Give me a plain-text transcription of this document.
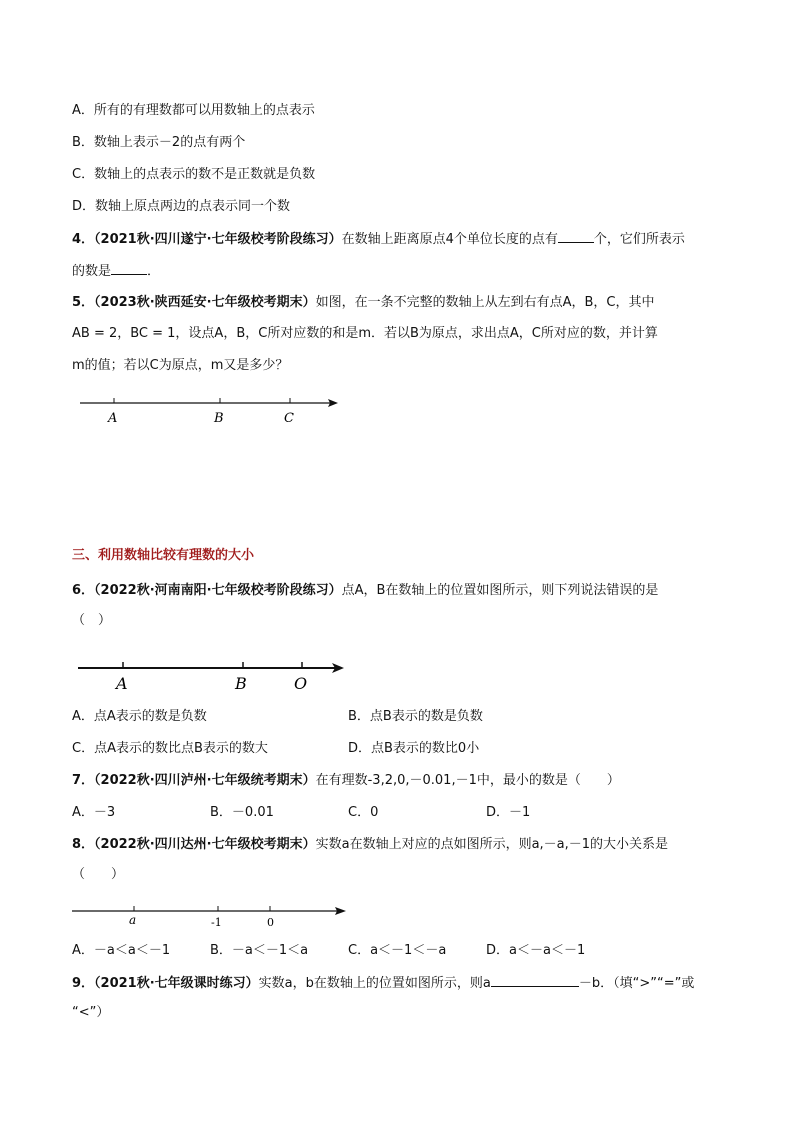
A．所有的有理数都可以用数轴上的点表示
B．数轴上表示－2的点有两个
C．数轴上的点表示的数不是正数就是负数
D．数轴上原点两边的点表示同一个数
4．（2021秋·四川遂宁·七年级校考阶段练习）在数轴上距离原点4个单位长度的点有	个，它们所表示
的数是	．
5．（2023秋·陕西延安·七年级校考期末）如图，在一条不完整的数轴上从左到右有点A，B，C，其中
AB = 2，BC = 1，设点A，B，C所对应数的和是m．若以B为原点，求出点A，C所对应的数，并计算
m的值；若以C为原点，m又是多少？
A	B	C
三、利用数轴比较有理数的大小
6．（2022秋·河南南阳·七年级校考阶段练习）点A，B在数轴上的位置如图所示，则下列说法错误的是
（　）
A	B	O
A．点A表示的数是负数	B．点B表示的数是负数
C．点A表示的数比点B表示的数大	D．点B表示的数比0小
7．（2022秋·四川泸州·七年级统考期末）在有理数-3,2,0,－0.01,－1中，最小的数是（　　）
A．－3	B．－0.01	C．0	D．－1
8．（2022秋·四川达州·七年级校考期末）实数a在数轴上对应的点如图所示，则a,－a,－1的大小关系是
（　　）
a	-1	0
A．－a＜a＜－1	B．－a＜－1＜a	C．a＜－1＜－a	D．a＜－a＜－1
9．（2021秋·七年级课时练习）实数a，b在数轴上的位置如图所示，则a	－b．（填“>”“=”或
“<”）
